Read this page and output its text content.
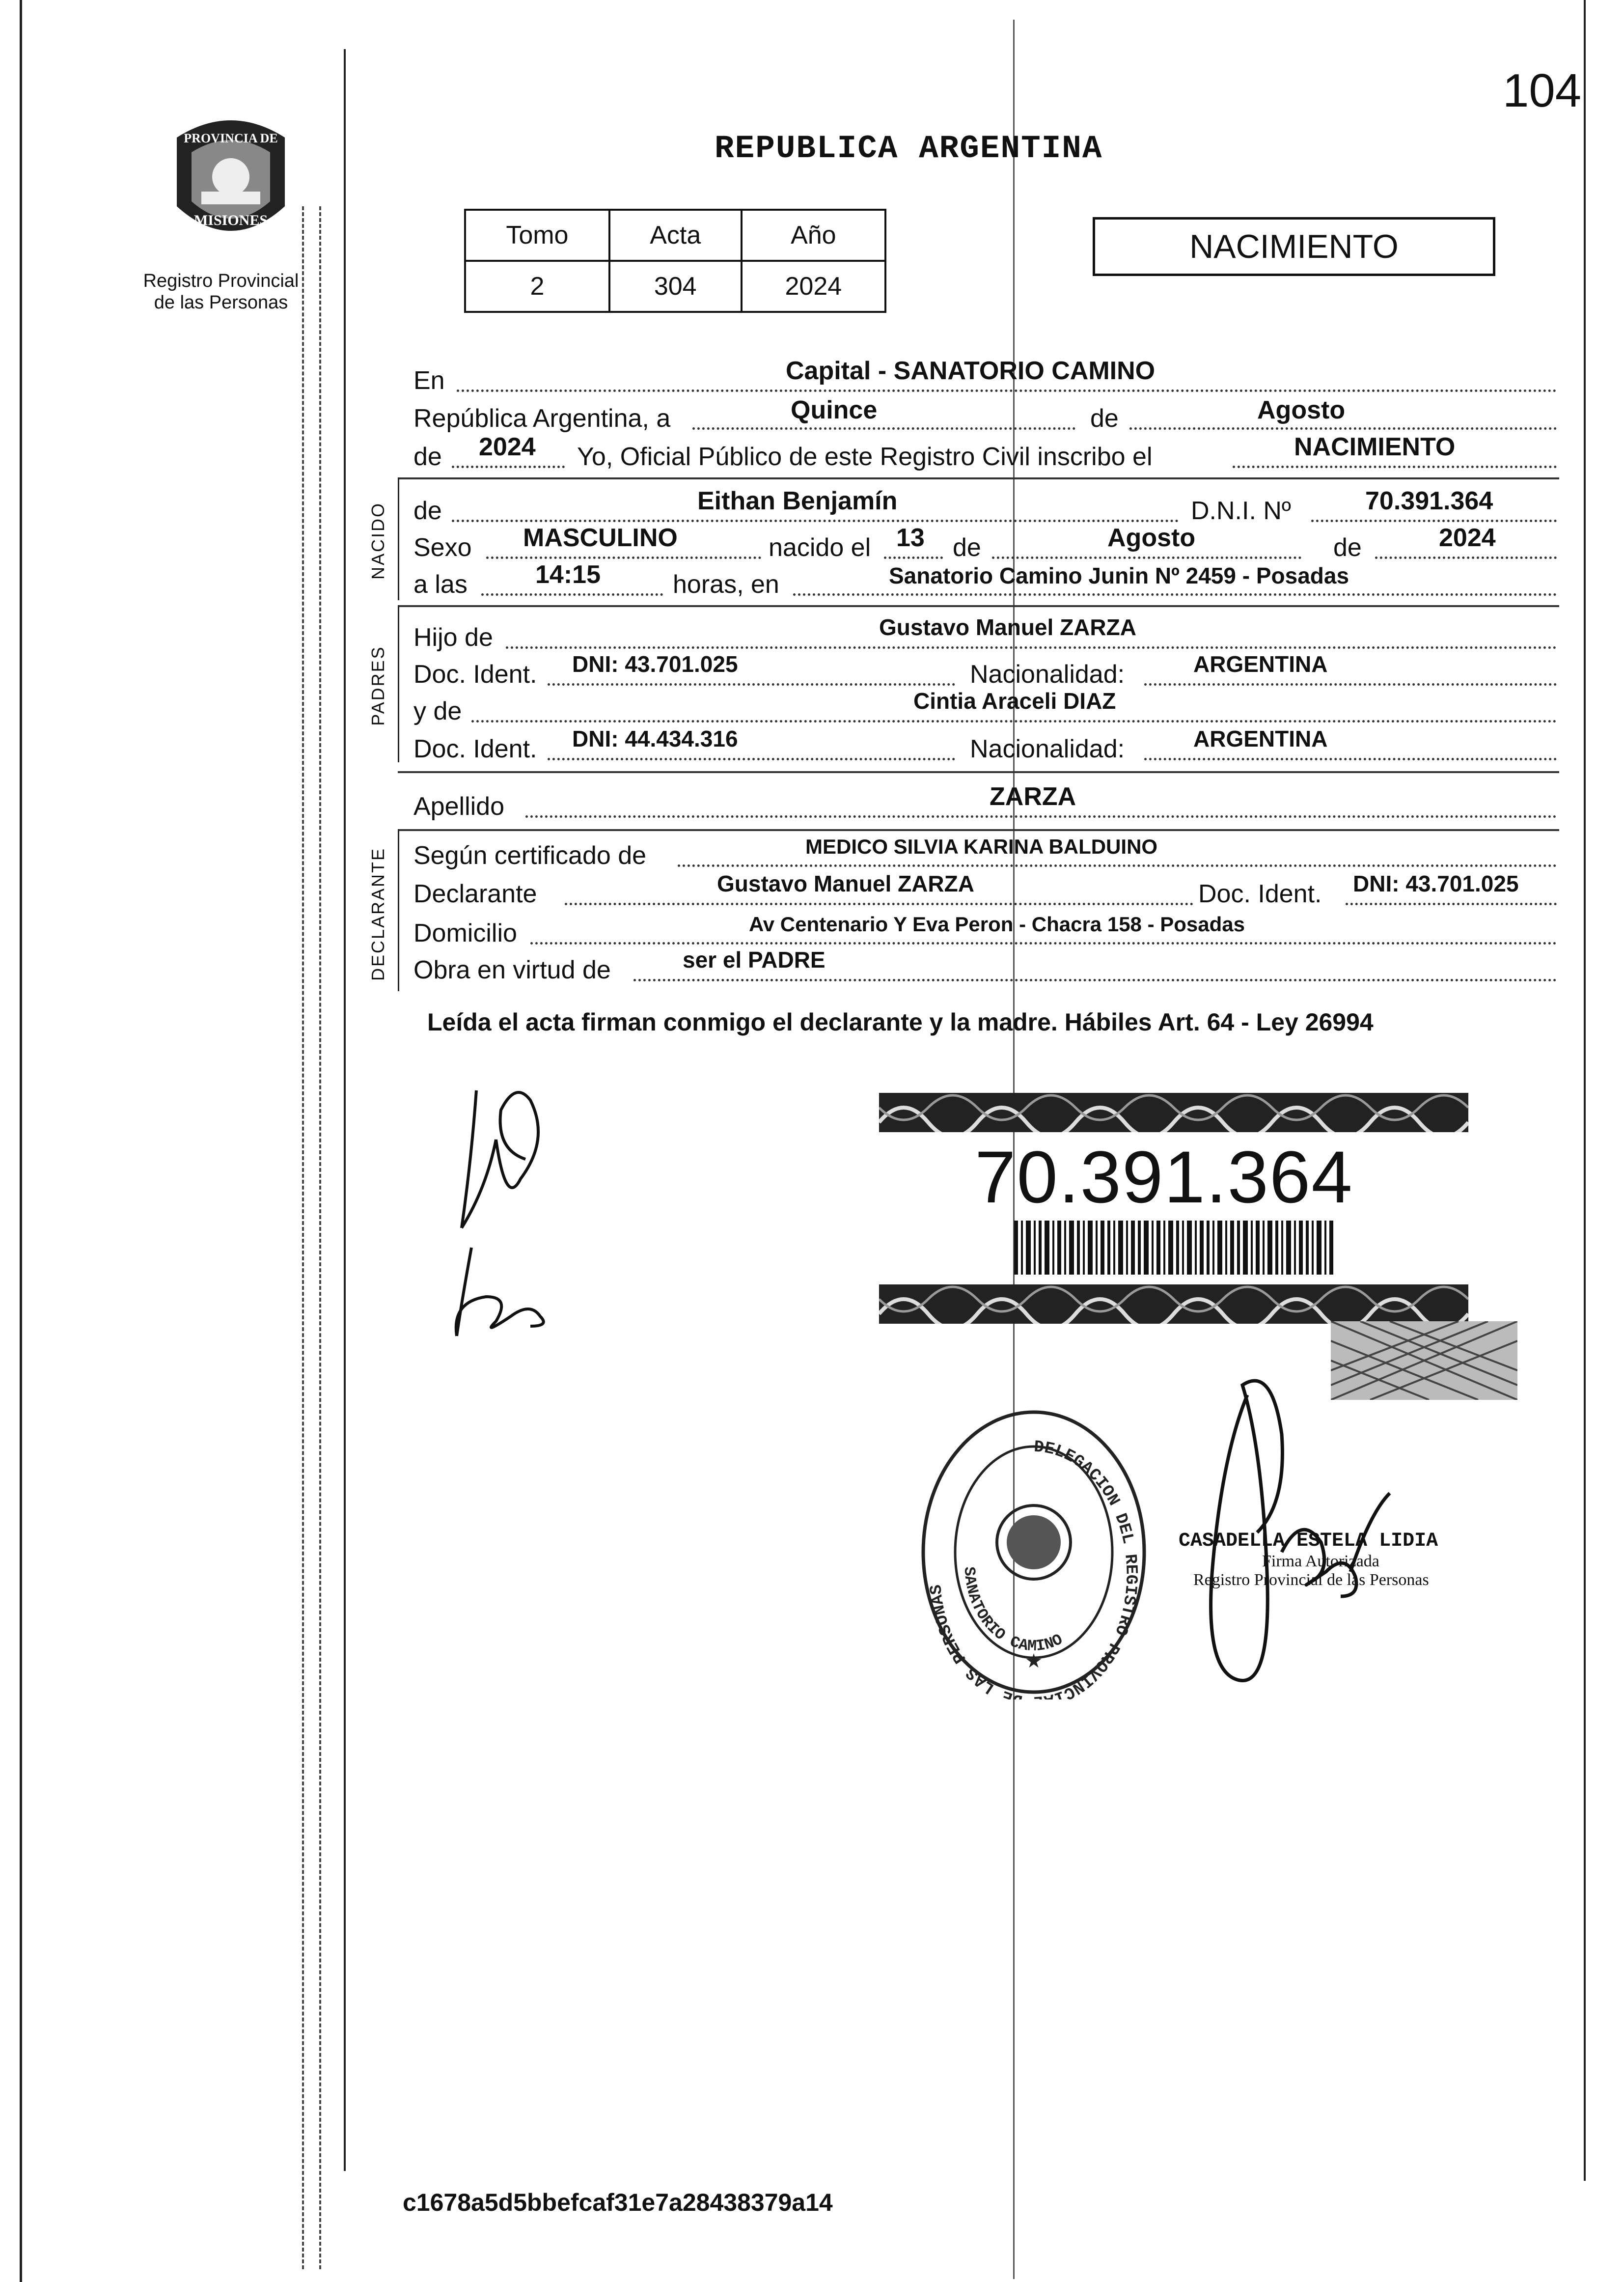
104
PROVINCIA DE
MISIONES
Registro Provincial
de las Personas
REPUBLICA ARGENTINA
Tomo	Acta	Año
2	304	2024
NACIMIENTO
En	Capital - SANATORIO CAMINO
República Argentina, a	Quince	de	Agosto
de 2024 Yo, Oficial Público de este Registro Civil inscribo el	NACIMIENTO
NACIDO de	Eithan Benjamín	D.N.I. Nº	70.391.364
Sexo MASCULINO	nacido el 13 de	Agosto	de	2024
a las	14:15	horas, en	Sanatorio Camino Junin Nº 2459 - Posadas
PADRES
Hijo de	Gustavo Manuel ZARZA
Doc. Ident. DNI: 43.701.025	Nacionalidad:	ARGENTINA
y de	Cintia Araceli DIAZ
Doc. Ident. DNI: 44.434.316	Nacionalidad:	ARGENTINA
Apellido	ZARZA
DECLARANTE Según certificado de	MEDICO SILVIA KARINA BALDUINO
Declarante	Gustavo Manuel ZARZA	Doc. Ident. DNI: 43.701.025
Domicilio	Av Centenario Y Eva Peron - Chacra 158 - Posadas
Obra en virtud de	ser el PADRE
Leída el acta firman conmigo el declarante y la madre. Hábiles Art. 64 - Ley 26994
70.391.364
DELEGACION DEL REGISTRO PROVINCIA DE LAS PERSONAS
SANATORIO CAMINO
★
CASADELLA ESTELA LIDIA
Firma Autorizada
Registro Provincial de las Personas
c1678a5d5bbefcaf31e7a28438379a14
